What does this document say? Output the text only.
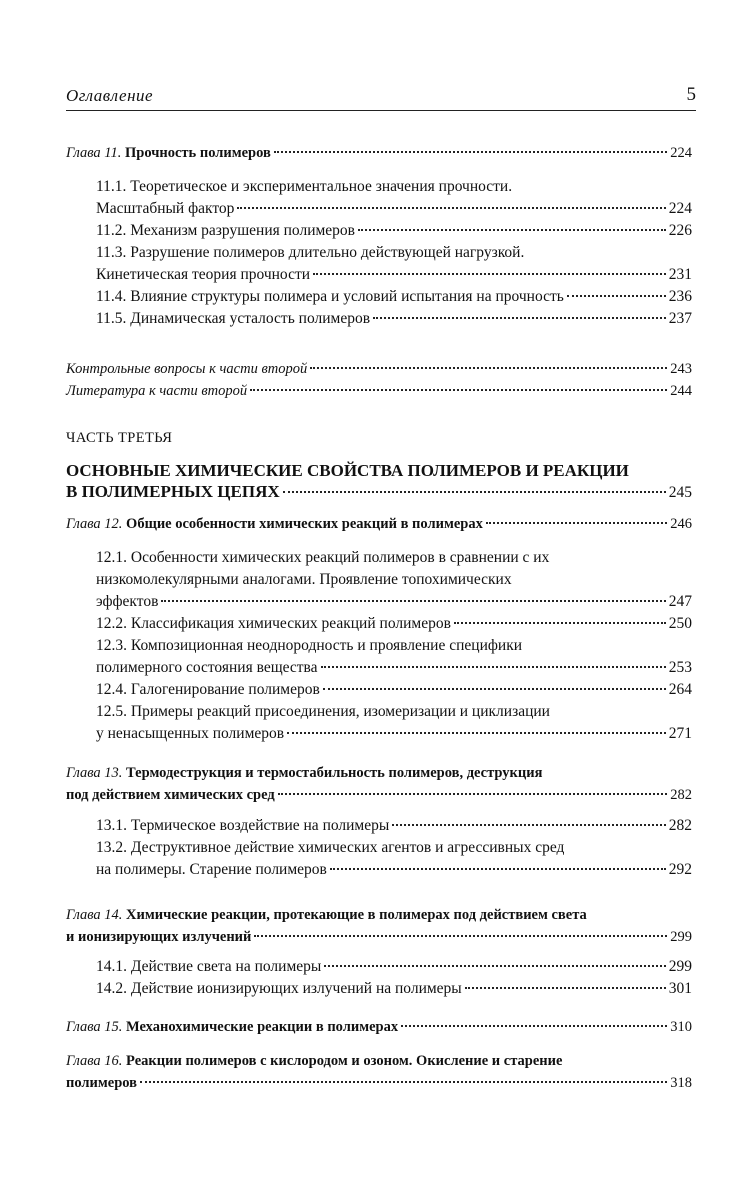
Оглавление	5
Глава 11. Прочность полимеров	224
11.1. Теоретическое и экспериментальное значения прочности.
Масштабный фактор	224
11.2. Механизм разрушения полимеров	226
11.3. Разрушение полимеров длительно действующей нагрузкой.
Кинетическая теория прочности	231
11.4. Влияние структуры полимера и условий испытания на прочность	236
11.5. Динамическая усталость полимеров	237
Контрольные вопросы к части второй	243
Литература к части второй	244
ЧАСТЬ ТРЕТЬЯ
ОСНОВНЫЕ ХИМИЧЕСКИЕ СВОЙСТВА ПОЛИМЕРОВ И РЕАКЦИИ
В ПОЛИМЕРНЫХ ЦЕПЯХ	245
Глава 12. Общие особенности химических реакций в полимерах	246
12.1. Особенности химических реакций полимеров в сравнении с их
низкомолекулярными аналогами. Проявление топохимических
эффектов	247
12.2. Классификация химических реакций полимеров	250
12.3. Композиционная неоднородность и проявление специфики
полимерного состояния вещества	253
12.4. Галогенирование полимеров	264
12.5. Примеры реакций присоединения, изомеризации и циклизации
у ненасыщенных полимеров	271
Глава 13. Термодеструкция и термостабильность полимеров, деструкция
под действием химических сред	282
13.1. Термическое воздействие на полимеры	282
13.2. Деструктивное действие химических агентов и агрессивных сред
на полимеры. Старение полимеров	292
Глава 14. Химические реакции, протекающие в полимерах под действием света
и ионизирующих излучений	299
14.1. Действие света на полимеры	299
14.2. Действие ионизирующих излучений на полимеры	301
Глава 15. Механохимические реакции в полимерах	310
Глава 16. Реакции полимеров с кислородом и озоном. Окисление и старение
полимеров	318
